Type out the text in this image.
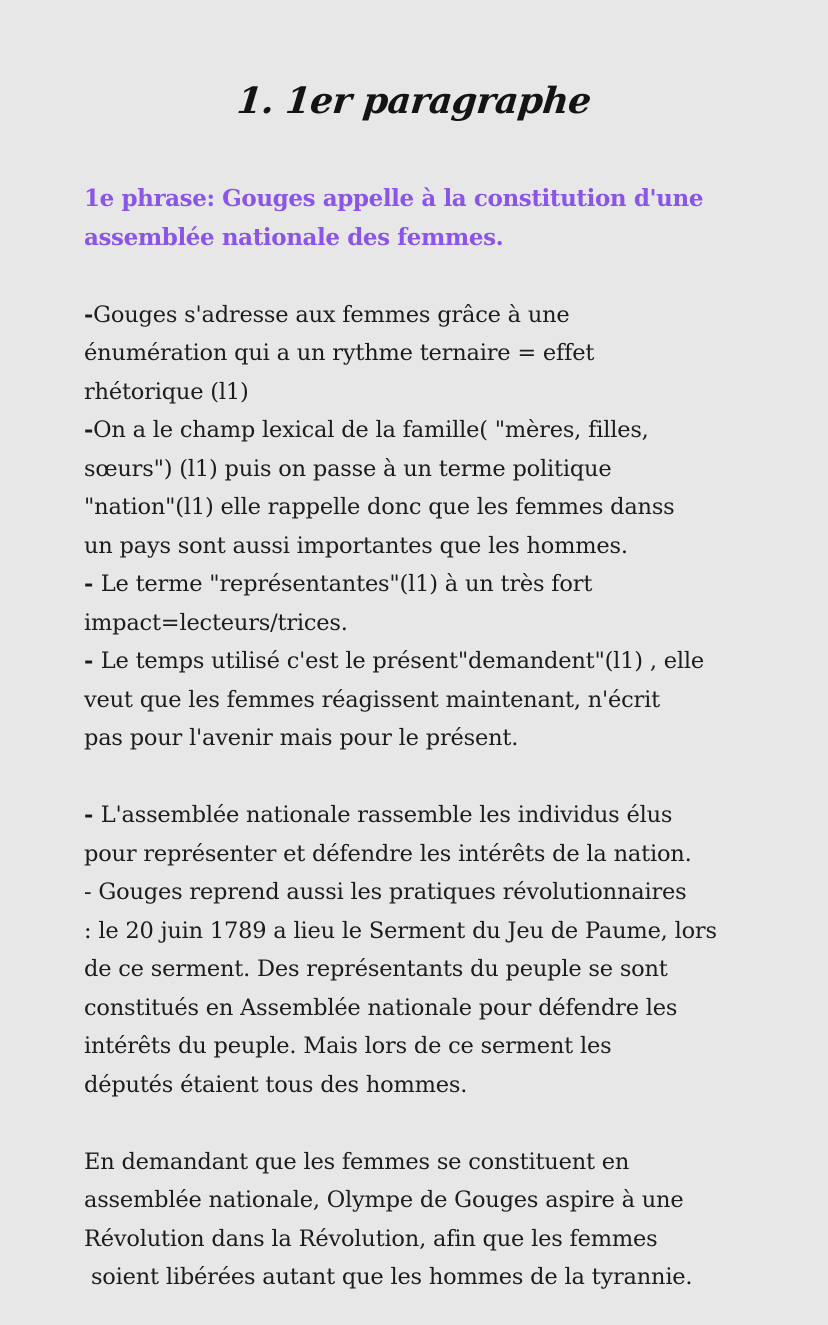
1. 1er paragraphe

1e phrase: Gouges appelle à la constitution d'une
assemblée nationale des femmes.

-Gouges s'adresse aux femmes grâce à une
énumération qui a un rythme ternaire = effet
rhétorique (l1)
-On a le champ lexical de la famille( "mères, filles,
sœurs") (l1) puis on passe à un terme politique
"nation"(l1) elle rappelle donc que les femmes danss
un pays sont aussi importantes que les hommes.
- Le terme "représentantes"(l1) à un très fort
impact=lecteurs/trices.
- Le temps utilisé c'est le présent"demandent"(l1) , elle
veut que les femmes réagissent maintenant, n'écrit
pas pour l'avenir mais pour le présent.
- L'assemblée nationale rassemble les individus élus
pour représenter et défendre les intérêts de la nation.
- Gouges reprend aussi les pratiques révolutionnaires
: le 20 juin 1789 a lieu le Serment du Jeu de Paume, lors
de ce serment. Des représentants du peuple se sont
constitués en Assemblée nationale pour défendre les
intérêts du peuple. Mais lors de ce serment les
députés étaient tous des hommes.
En demandant que les femmes se constituent en
assemblée nationale, Olympe de Gouges aspire à une
Révolution dans la Révolution, afin que les femmes
soient libérées autant que les hommes de la tyrannie.
